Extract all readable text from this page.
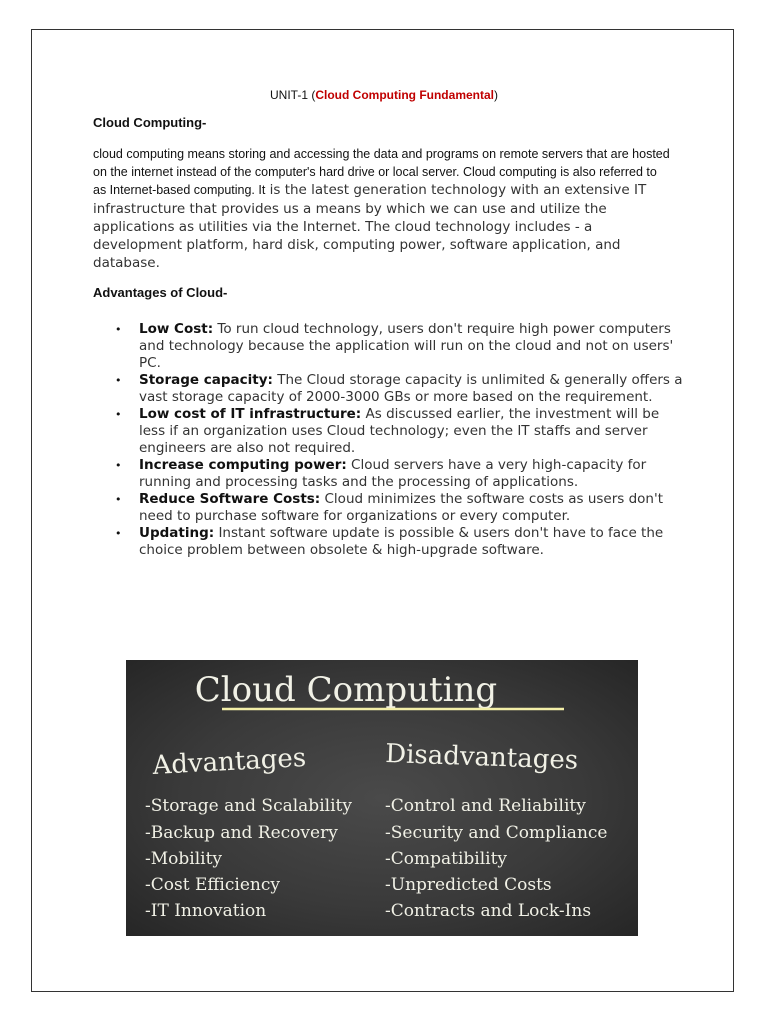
UNIT-1 (Cloud Computing Fundamental)
Cloud Computing-
cloud computing means storing and accessing the data and programs on remote servers that are hosted on the internet instead of the computer's hard drive or local server. Cloud computing is also referred to as Internet-based computing. It is the latest generation technology with an extensive IT infrastructure that provides us a means by which we can use and utilize the applications as utilities via the Internet. The cloud technology includes - a development platform, hard disk, computing power, software application, and database.
Advantages of Cloud-
• Low Cost: To run cloud technology, users don't require high power computers and technology because the application will run on the cloud and not on users' PC.
• Storage capacity: The Cloud storage capacity is unlimited & generally offers a vast storage capacity of 2000-3000 GBs or more based on the requirement.
• Low cost of IT infrastructure: As discussed earlier, the investment will be less if an organization uses Cloud technology; even the IT staffs and server engineers are also not required.
• Increase computing power: Cloud servers have a very high-capacity for running and processing tasks and the processing of applications.
• Reduce Software Costs: Cloud minimizes the software costs as users don't need to purchase software for organizations or every computer.
• Updating: Instant software update is possible & users don't have to face the choice problem between obsolete & high-upgrade software.
Cloud Computing
Advantages	Disadvantages
-Storage and Scalability
-Backup and Recovery
-Mobility
-Cost Efficiency
-IT Innovation
-Control and Reliability
-Security and Compliance
-Compatibility
-Unpredicted Costs
-Contracts and Lock-Ins
